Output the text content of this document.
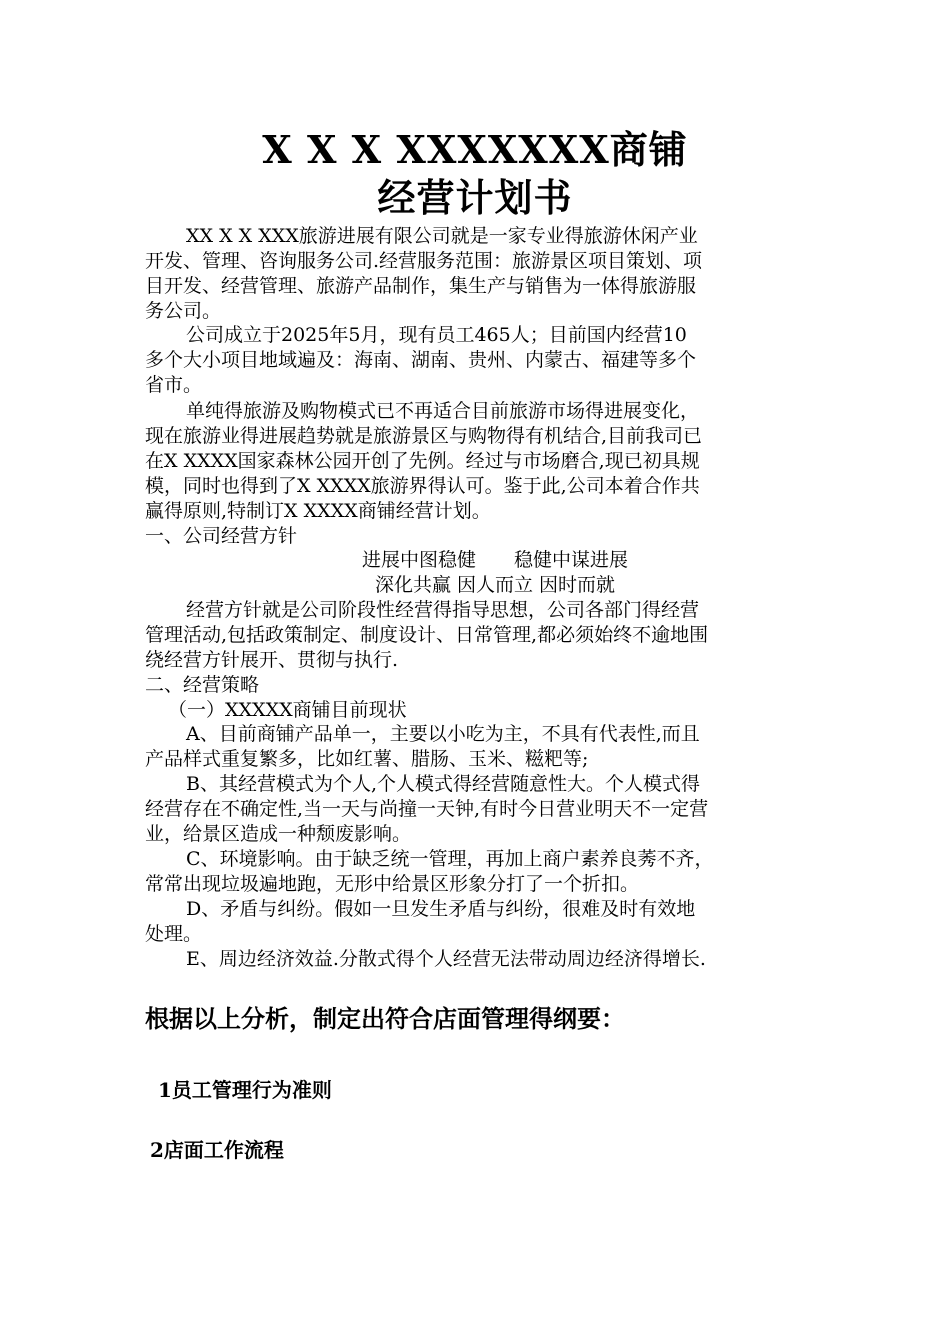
X X X XXXXXXX商铺
经营计划书
XX X X XXX旅游进展有限公司就是一家专业得旅游休闲产业
开发、管理、咨询服务公司.经营服务范围：旅游景区项目策划、项
目开发、经营管理、旅游产品制作，集生产与销售为一体得旅游服
务公司。
公司成立于2025年5月，现有员工465人；目前国内经营10
多个大小项目地域遍及：海南、湖南、贵州、内蒙古、福建等多个
省市。
单纯得旅游及购物模式已不再适合目前旅游市场得进展变化，
现在旅游业得进展趋势就是旅游景区与购物得有机结合,目前我司已
在X XXXX国家森林公园开创了先例。经过与市场磨合,现已初具规
模，同时也得到了X XXXX旅游界得认可。鉴于此,公司本着合作共
赢得原则,特制订X XXXX商铺经营计划。
一、公司经营方针
进展中图稳健　　稳健中谋进展
深化共赢 因人而立 因时而就
经营方针就是公司阶段性经营得指导思想，公司各部门得经营
管理活动,包括政策制定、制度设计、日常管理,都必须始终不逾地围
绕经营方针展开、贯彻与执行.
二、经营策略
（一）XXXXX商铺目前现状
A、目前商铺产品单一，主要以小吃为主，不具有代表性,而且
产品样式重复繁多，比如红薯、腊肠、玉米、糍粑等;
B、其经营模式为个人,个人模式得经营随意性大。个人模式得
经营存在不确定性,当一天与尚撞一天钟,有时今日营业明天不一定营
业，给景区造成一种颓废影响。
C、环境影响。由于缺乏统一管理，再加上商户素养良莠不齐，
常常出现垃圾遍地跑，无形中给景区形象分打了一个折扣。
D、矛盾与纠纷。假如一旦发生矛盾与纠纷，很难及时有效地
处理。
E、周边经济效益.分散式得个人经营无法带动周边经济得增长.
根据以上分析，制定出符合店面管理得纲要：
1员工管理行为准则
2店面工作流程
